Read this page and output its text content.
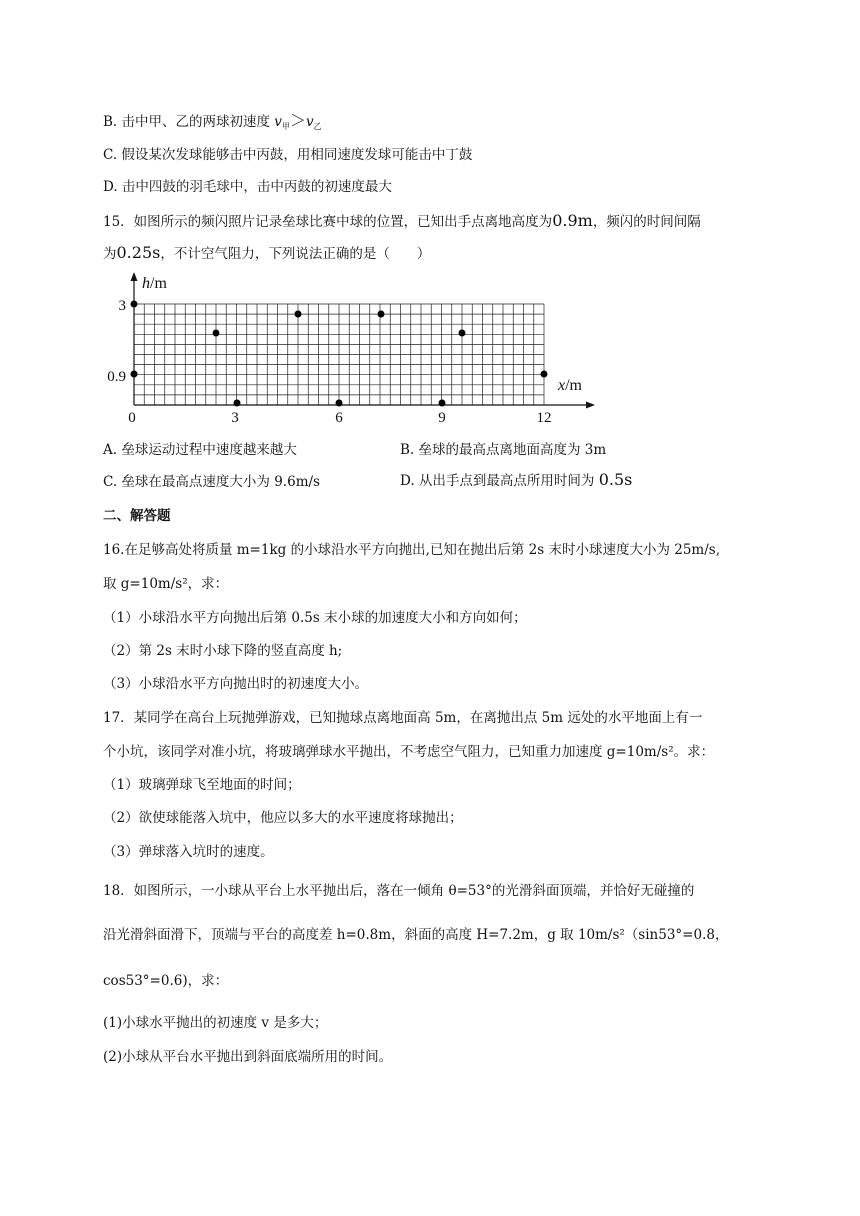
B. 击中甲、乙的两球初速度 $v_甲>v_乙$
C. 假设某次发球能够击中丙鼓，用相同速度发球可能击中丁鼓
D. 击中四鼓的羽毛球中，击中丙鼓的初速度最大
15．如图所示的频闪照片记录垒球比赛中球的位置，已知出手点离地高度为0.9m，频闪的时间间隔
为0.25s，不计空气阻力，下列说法正确的是（　　）
h/m
x/m
3
0.9
0	3	6	9	12
A. 垒球运动过程中速度越来越大	B. 垒球的最高点离地面高度为 3m
C. 垒球在最高点速度大小为 9.6m/s	D. 从出手点到最高点所用时间为 0.5s
二、解答题
16.在足够高处将质量 m=1kg 的小球沿水平方向抛出,已知在抛出后第 2s 末时小球速度大小为 25m/s,
取 g=10m/s²，求：
（1）小球沿水平方向抛出后第 0.5s 末小球的加速度大小和方向如何；
（2）第 2s 末时小球下降的竖直高度 h;
（3）小球沿水平方向抛出时的初速度大小。
17．某同学在高台上玩抛弹游戏，已知抛球点离地面高 5m，在离抛出点 5m 远处的水平地面上有一
个小坑，该同学对准小坑，将玻璃弹球水平抛出，不考虑空气阻力，已知重力加速度 g=10m/s²。求：
（1）玻璃弹球飞至地面的时间；
（2）欲使球能落入坑中，他应以多大的水平速度将球抛出；
（3）弹球落入坑时的速度。
18．如图所示，一小球从平台上水平抛出后，落在一倾角 θ=53°的光滑斜面顶端，并恰好无碰撞的
沿光滑斜面滑下，顶端与平台的高度差 h=0.8m，斜面的高度 H=7.2m，g 取 10m/s²（sin53°=0.8，
cos53°=0.6)，求：
(1)小球水平抛出的初速度 v 是多大；
(2)小球从平台水平抛出到斜面底端所用的时间。
